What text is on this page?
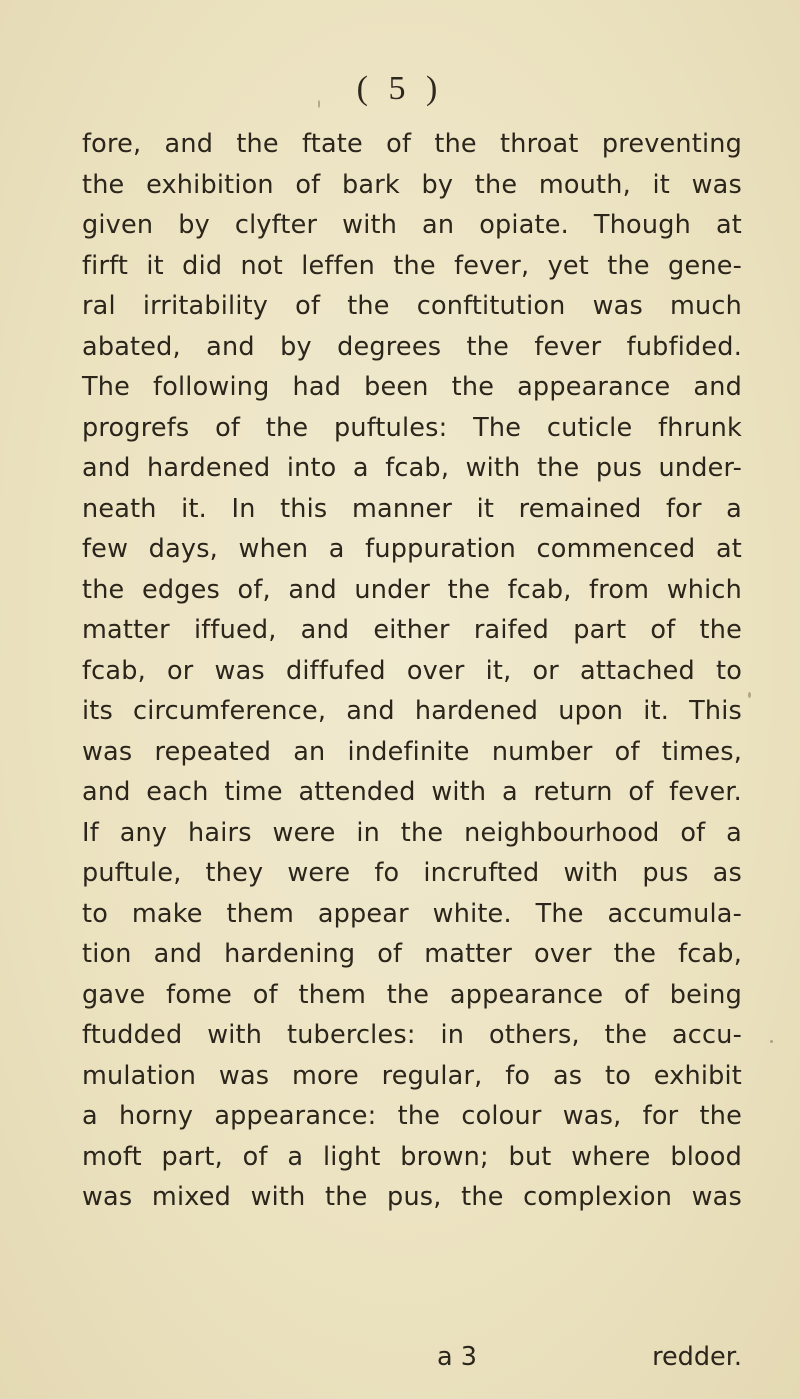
( 5 )
fore, and the ftate of the throat preventing
the exhibition of bark by the mouth, it was
given by clyfter with an opiate. Though at
firft it did not leffen the fever, yet the gene-
ral irritability of the conftitution was much
abated, and by degrees the fever fubfided.
The following had been the appearance and
progrefs of the puftules: The cuticle fhrunk
and hardened into a fcab, with the pus under-
neath it. In this manner it remained for a
few days, when a fuppuration commenced at
the edges of, and under the fcab, from which
matter iffued, and either raifed part of the
fcab, or was diffufed over it, or attached to
its circumference, and hardened upon it. This
was repeated an indefinite number of times,
and each time attended with a return of fever.
If any hairs were in the neighbourhood of a
puftule, they were fo incrufted with pus as
to make them appear white. The accumula-
tion and hardening of matter over the fcab,
gave fome of them the appearance of being
ftudded with tubercles: in others, the accu-
mulation was more regular, fo as to exhibit
a horny appearance: the colour was, for the
moft part, of a light brown; but where blood
was mixed with the pus, the complexion was
a 3	redder.
